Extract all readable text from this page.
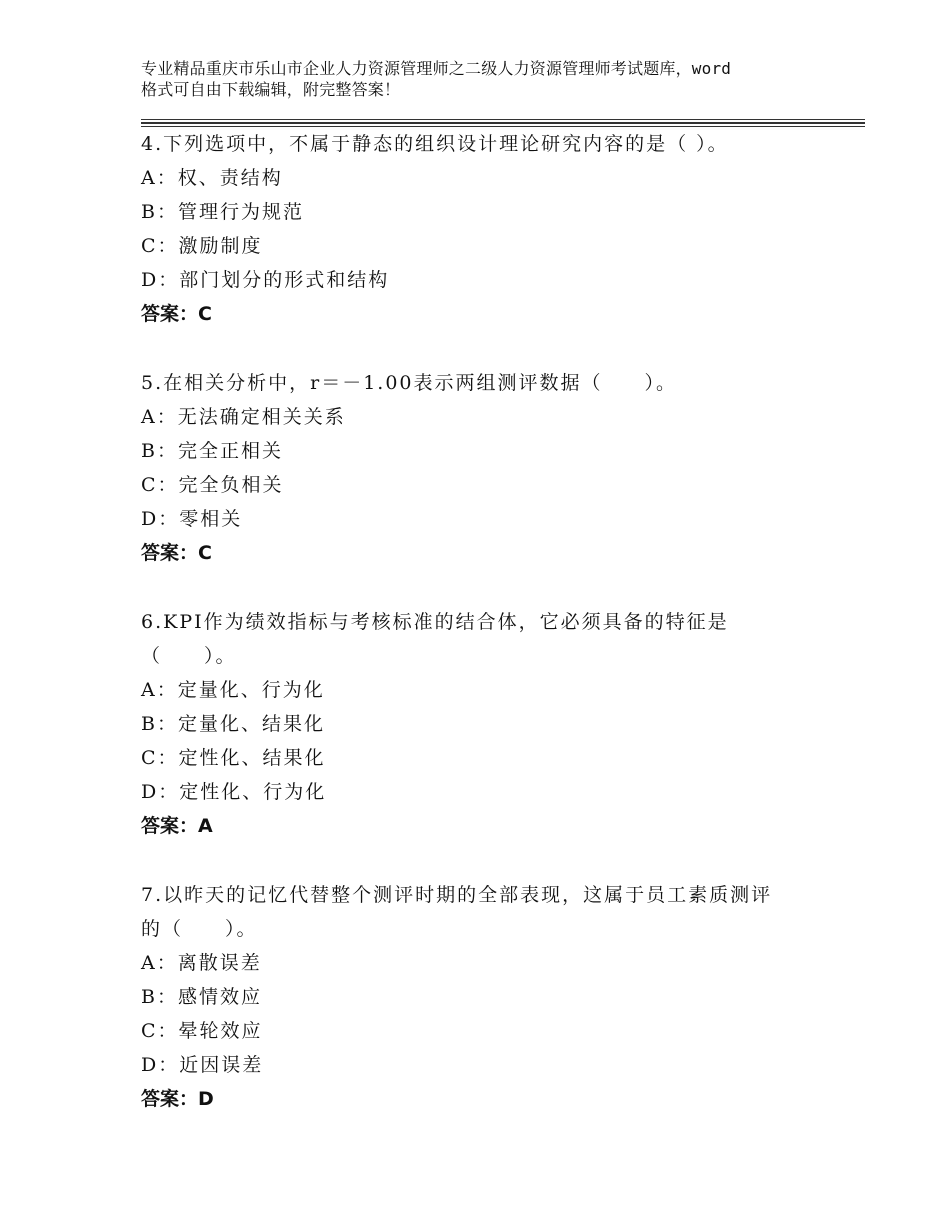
专业精品重庆市乐山市企业人力资源管理师之二级人力资源管理师考试题库，word
格式可自由下载编辑，附完整答案！
4.下列选项中，不属于静态的组织设计理论研究内容的是（ ）。
A：权、责结构
B：管理行为规范
C：激励制度
D：部门划分的形式和结构
答案：C
5.在相关分析中，r＝－1.00表示两组测评数据（　　）。
A：无法确定相关关系
B：完全正相关
C：完全负相关
D：零相关
答案：C
6.KPI作为绩效指标与考核标准的结合体，它必须具备的特征是
（　　）。
A：定量化、行为化
B：定量化、结果化
C：定性化、结果化
D：定性化、行为化
答案：A
7.以昨天的记忆代替整个测评时期的全部表现，这属于员工素质测评
的（　　）。
A：离散误差
B：感情效应
C：晕轮效应
D：近因误差
答案：D
